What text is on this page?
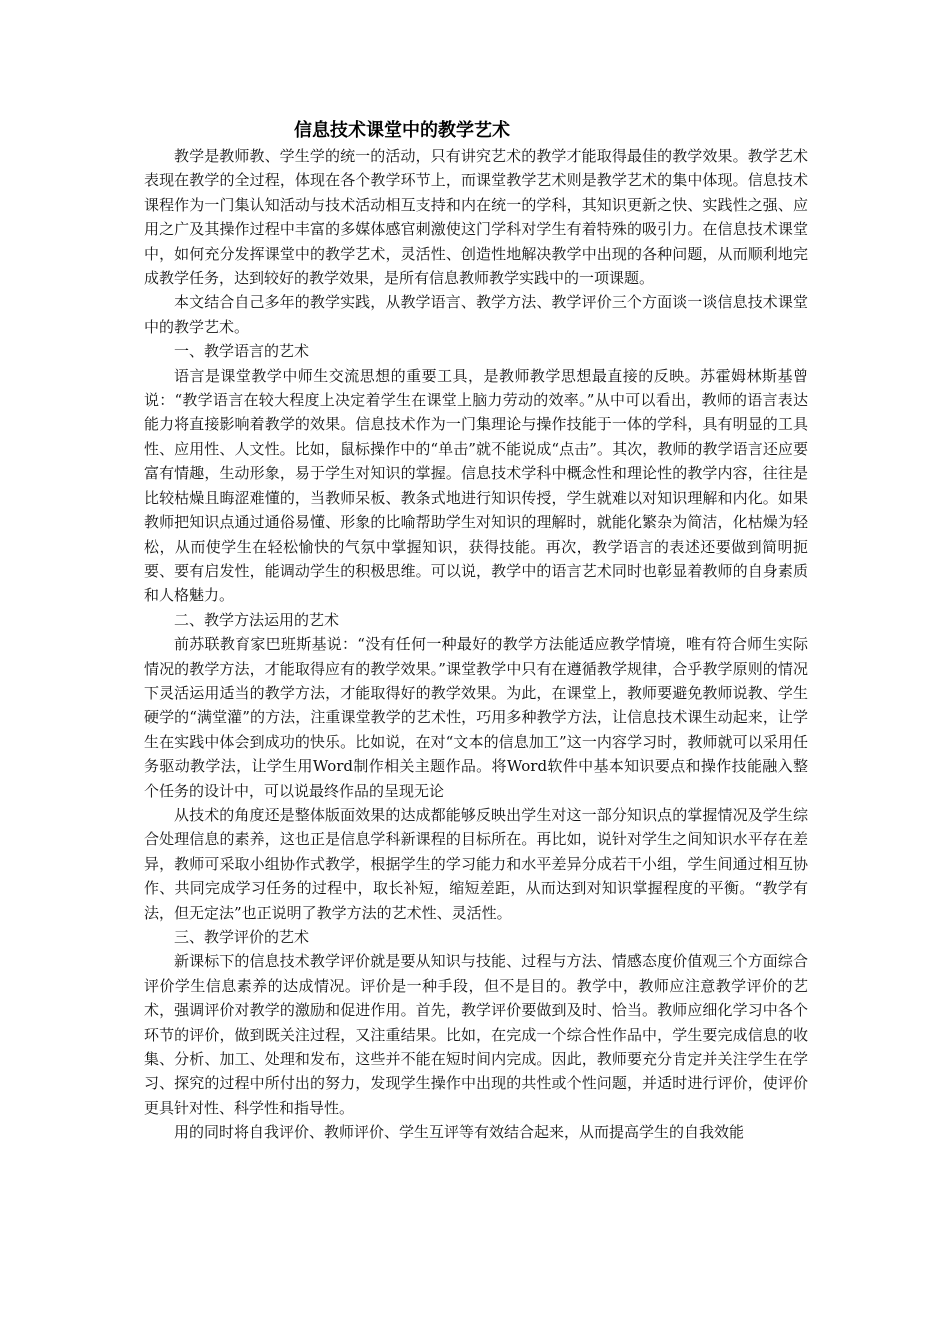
信息技术课堂中的教学艺术

教学是教师教、学生学的统一的活动，只有讲究艺术的教学才能取得最佳的教学效果。教学艺术表现在教学的全过程，体现在各个教学环节上，而课堂教学艺术则是教学艺术的集中体现。信息技术课程作为一门集认知活动与技术活动相互支持和内在统一的学科，其知识更新之快、实践性之强、应用之广及其操作过程中丰富的多媒体感官刺激使这门学科对学生有着特殊的吸引力。在信息技术课堂中，如何充分发挥课堂中的教学艺术，灵活性、创造性地解决教学中出现的各种问题，从而顺利地完成教学任务，达到较好的教学效果，是所有信息教师教学实践中的一项课题。

本文结合自己多年的教学实践，从教学语言、教学方法、教学评价三个方面谈一谈信息技术课堂中的教学艺术。

一、教学语言的艺术

语言是课堂教学中师生交流思想的重要工具，是教师教学思想最直接的反映。苏霍姆林斯基曾说：“教学语言在较大程度上决定着学生在课堂上脑力劳动的效率。”从中可以看出，教师的语言表达能力将直接影响着教学的效果。信息技术作为一门集理论与操作技能于一体的学科，具有明显的工具性、应用性、人文性。比如，鼠标操作中的“单击”就不能说成“点击”。其次，教师的教学语言还应要富有情趣，生动形象，易于学生对知识的掌握。信息技术学科中概念性和理论性的教学内容，往往是比较枯燥且晦涩难懂的，当教师呆板、教条式地进行知识传授，学生就难以对知识理解和内化。如果教师把知识点通过通俗易懂、形象的比喻帮助学生对知识的理解时，就能化繁杂为简洁，化枯燥为轻松，从而使学生在轻松愉快的气氛中掌握知识，获得技能。再次，教学语言的表述还要做到简明扼要、要有启发性，能调动学生的积极思维。可以说，教学中的语言艺术同时也彰显着教师的自身素质和人格魅力。

二、教学方法运用的艺术

前苏联教育家巴班斯基说：“没有任何一种最好的教学方法能适应教学情境，唯有符合师生实际情况的教学方法，才能取得应有的教学效果。”课堂教学中只有在遵循教学规律，合乎教学原则的情况下灵活运用适当的教学方法，才能取得好的教学效果。为此，在课堂上，教师要避免教师说教、学生硬学的“满堂灌”的方法，注重课堂教学的艺术性，巧用多种教学方法，让信息技术课生动起来，让学生在实践中体会到成功的快乐。比如说，在对“文本的信息加工”这一内容学习时，教师就可以采用任务驱动教学法，让学生用Word制作相关主题作品。将Word软件中基本知识要点和操作技能融入整个任务的设计中，可以说最终作品的呈现无论

从技术的角度还是整体版面效果的达成都能够反映出学生对这一部分知识点的掌握情况及学生综合处理信息的素养，这也正是信息学科新课程的目标所在。再比如，说针对学生之间知识水平存在差异，教师可采取小组协作式教学，根据学生的学习能力和水平差异分成若干小组，学生间通过相互协作、共同完成学习任务的过程中，取长补短，缩短差距，从而达到对知识掌握程度的平衡。“教学有法，但无定法”也正说明了教学方法的艺术性、灵活性。

三、教学评价的艺术

新课标下的信息技术教学评价就是要从知识与技能、过程与方法、情感态度价值观三个方面综合评价学生信息素养的达成情况。评价是一种手段，但不是目的。教学中，教师应注意教学评价的艺术，强调评价对教学的激励和促进作用。首先，教学评价要做到及时、恰当。教师应细化学习中各个环节的评价，做到既关注过程，又注重结果。比如，在完成一个综合性作品中，学生要完成信息的收集、分析、加工、处理和发布，这些并不能在短时间内完成。因此，教师要充分肯定并关注学生在学习、探究的过程中所付出的努力，发现学生操作中出现的共性或个性问题，并适时进行评价，使评价更具针对性、科学性和指导性。

用的同时将自我评价、教师评价、学生互评等有效结合起来，从而提高学生的自我效能
